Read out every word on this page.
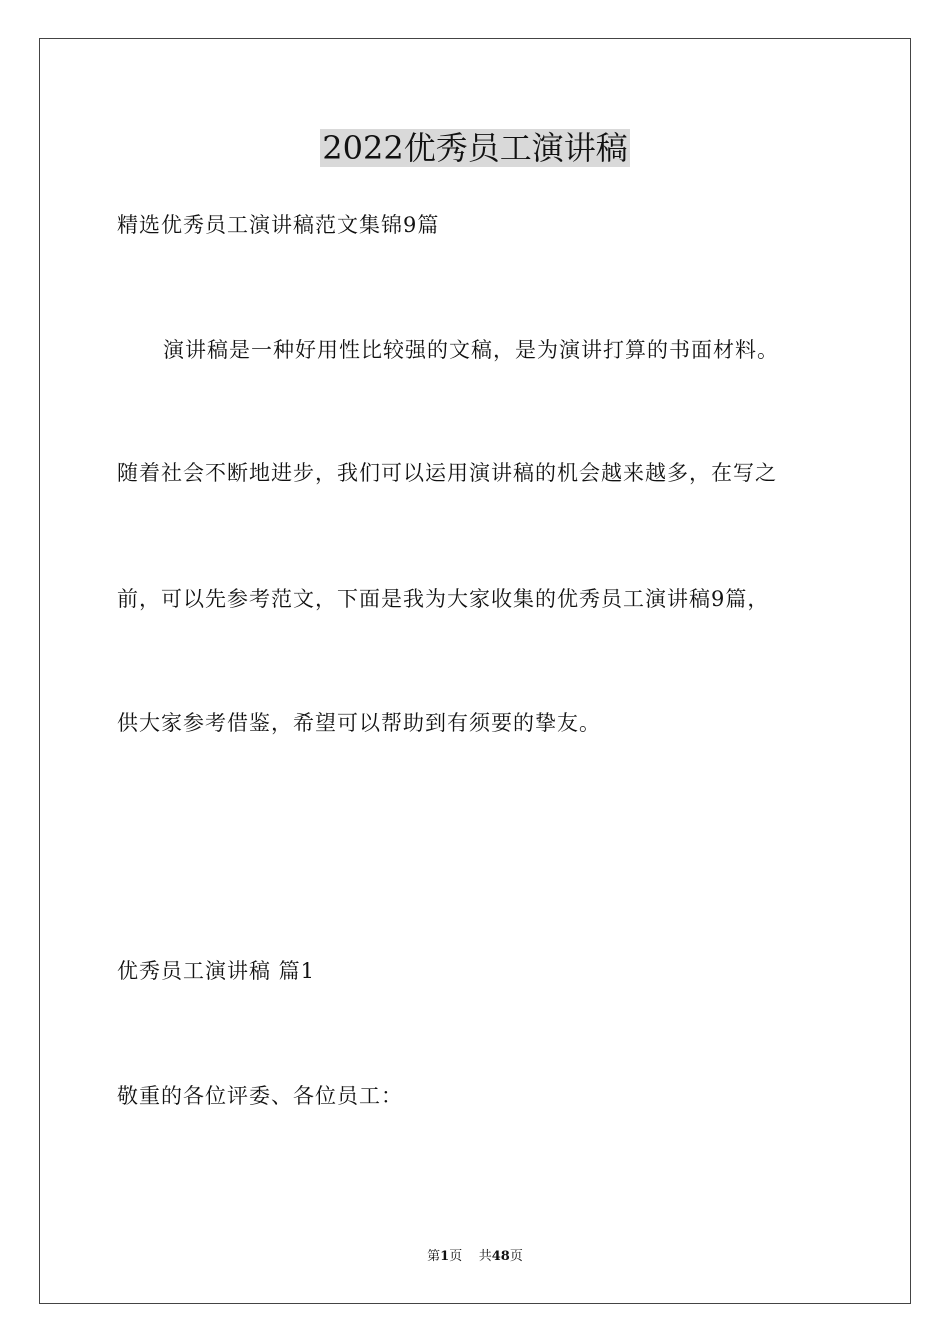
2022优秀员工演讲稿
精选优秀员工演讲稿范文集锦9篇
演讲稿是一种好用性比较强的文稿，是为演讲打算的书面材料。
随着社会不断地进步，我们可以运用演讲稿的机会越来越多，在写之
前，可以先参考范文，下面是我为大家收集的优秀员工演讲稿9篇，
供大家参考借鉴，希望可以帮助到有须要的挚友。
优秀员工演讲稿 篇1
敬重的各位评委、各位员工：
第1页 共48页
